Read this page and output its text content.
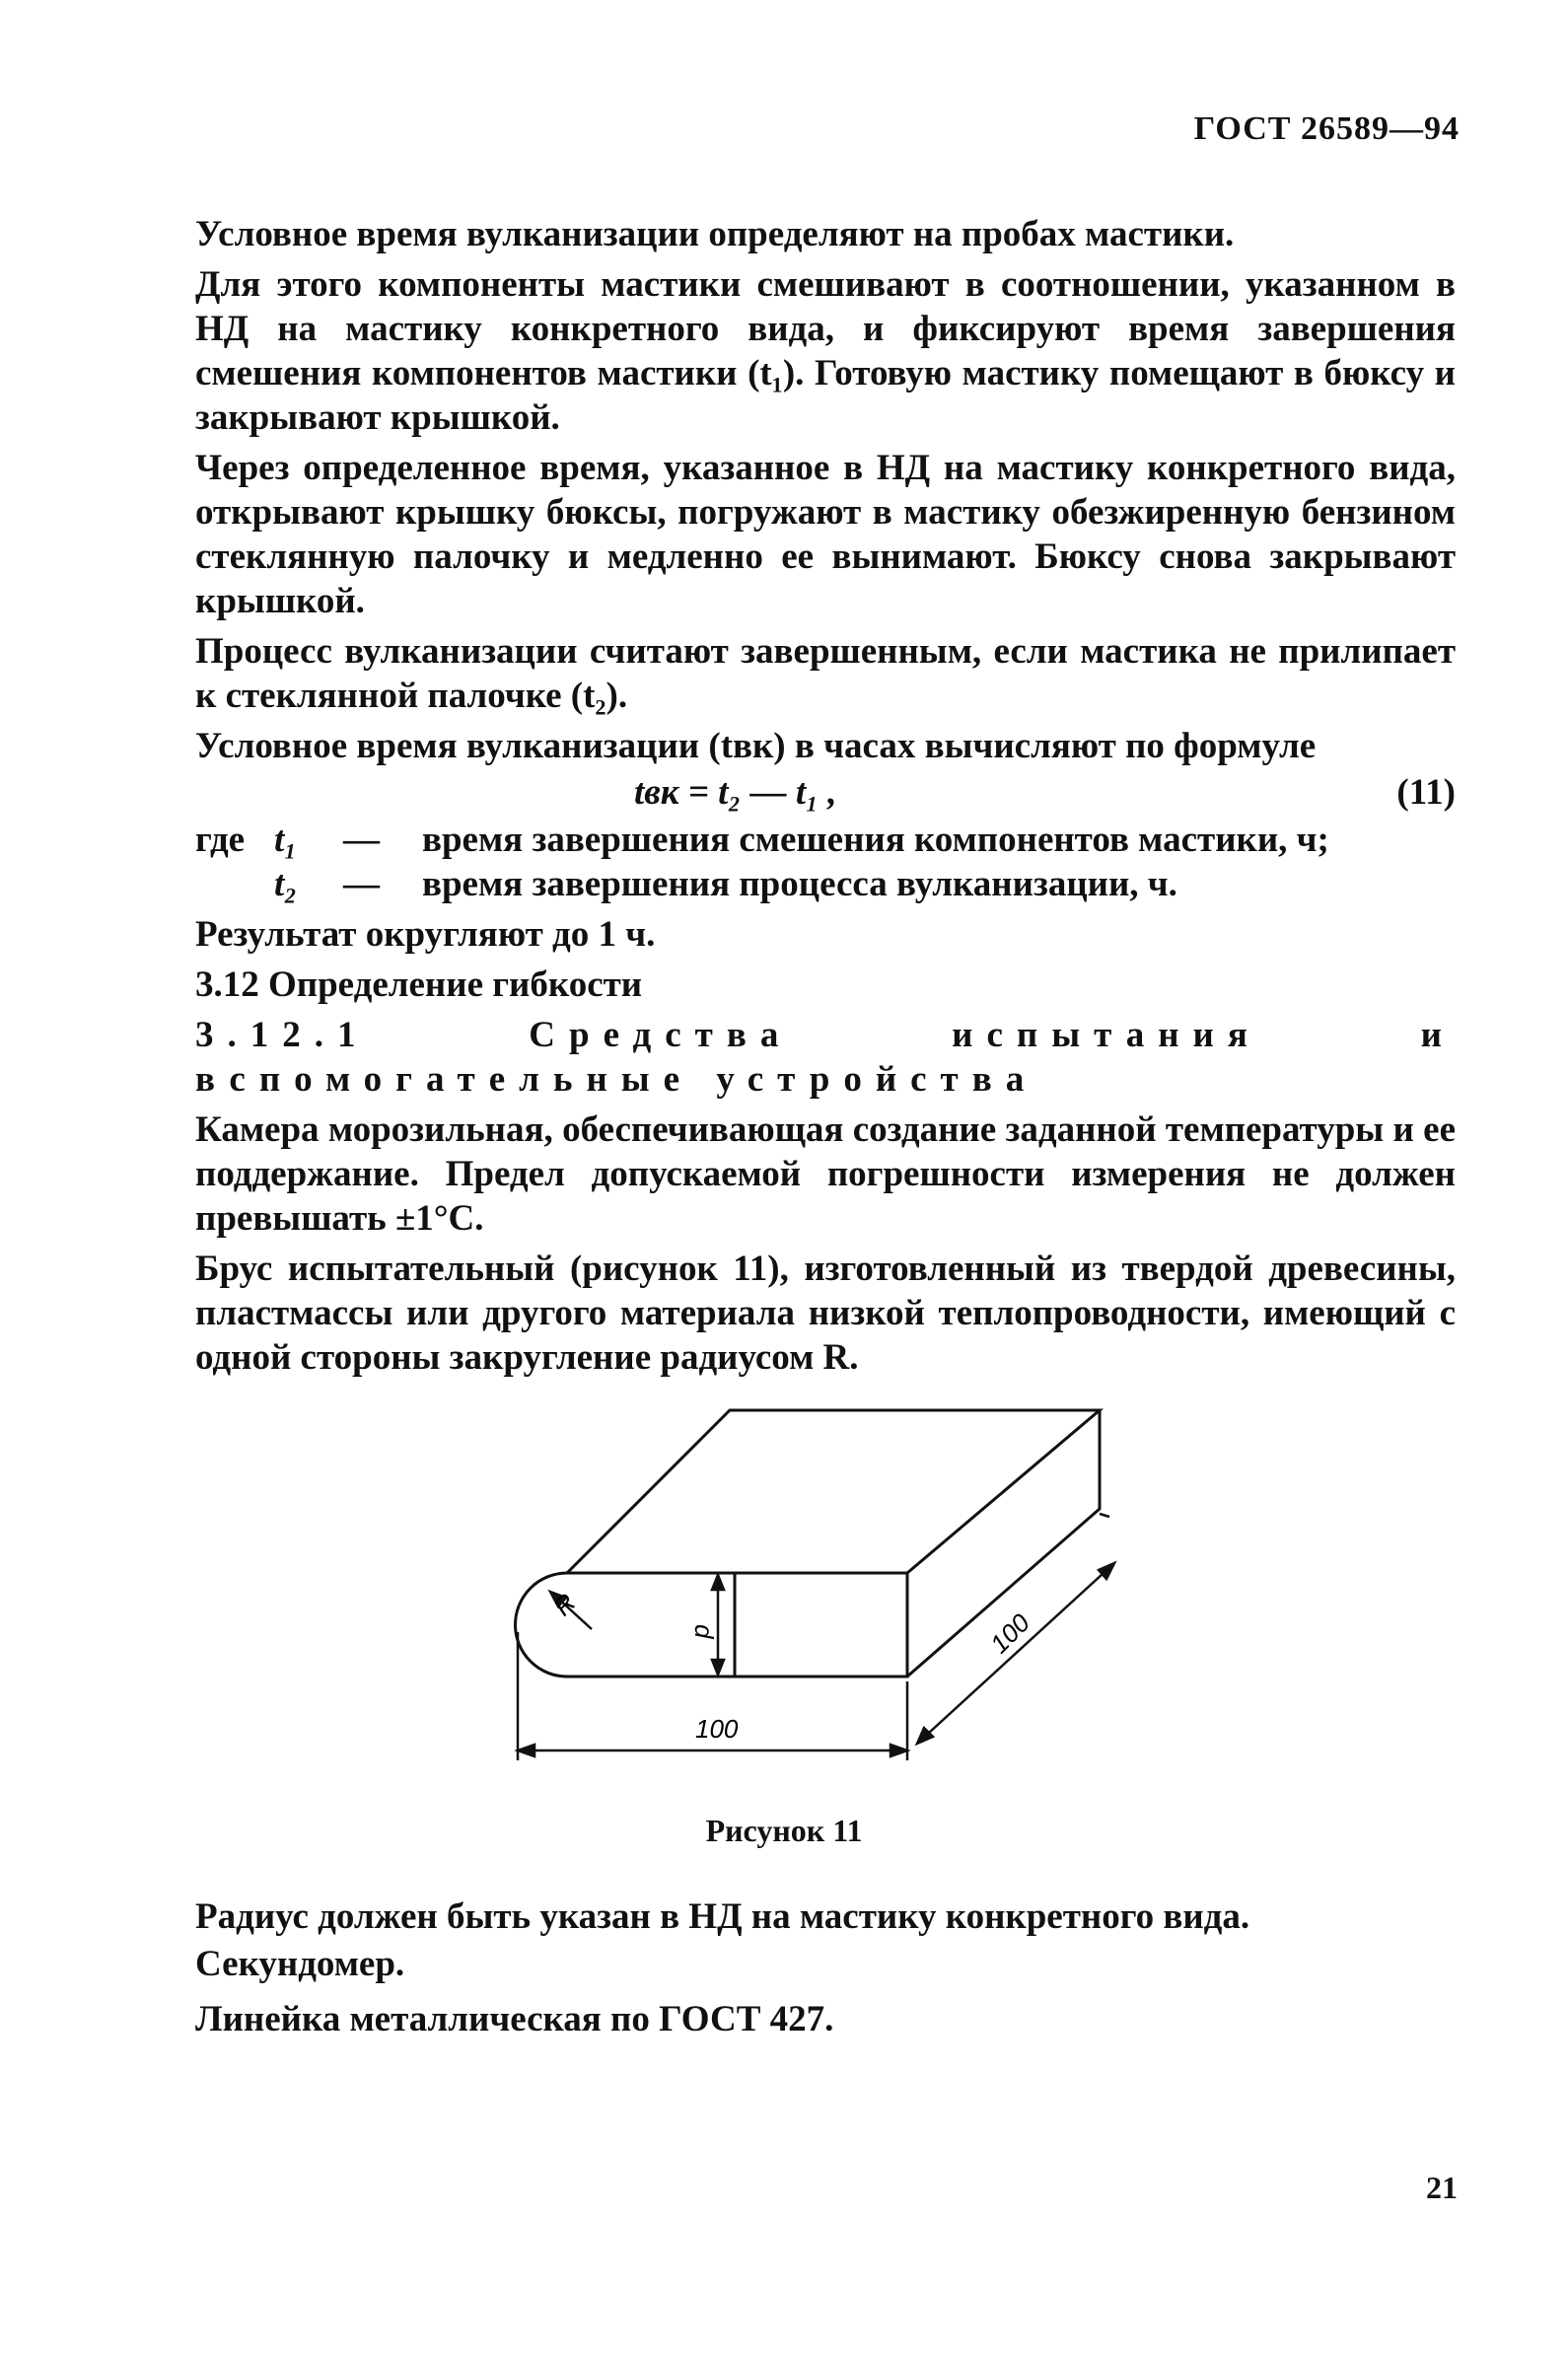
ГОСТ 26589—94

Условное время вулканизации определяют на пробах мастики.

Для этого компоненты мастики смешивают в соотношении, указанном в НД на мастику конкретного вида, и фиксируют время завершения смешения компонентов мастики (t₁). Готовую мастику помещают в бюксу и закрывают крышкой.

Через определенное время, указанное в НД на мастику конкретного вида, открывают крышку бюксы, погружают в мастику обезжиренную бензином стеклянную палочку и медленно ее вынимают. Бюксу снова закрывают крышкой.

Процесс вулканизации считают завершенным, если мастика не прилипает к стеклянной палочке (t₂).

Условное время вулканизации (tвк) в часах вычисляют по формуле

tвк = t₂ — t₁ ,	(11)
где t₁	—	время завершения смешения компонентов мастики, ч;
t₂	—	время завершения процесса вулканизации, ч.

Результат округляют до 1 ч.

3.12 Определение гибкости

3.12.1 Средства испытания и вспомогательные устройства

Камера морозильная, обеспечивающая создание заданной температуры и ее поддержание. Предел допускаемой погрешности измерения не должен превышать ±1°С.

Брус испытательный (рисунок 11), изготовленный из твердой древесины, пластмассы или другого материала низкой теплопроводности, имеющий с одной стороны закругление радиусом R.

R
d
100
100
Рисунок 11

Радиус должен быть указан в НД на мастику конкретного вида.

Секундомер.

Линейка металлическая по ГОСТ 427.

21
